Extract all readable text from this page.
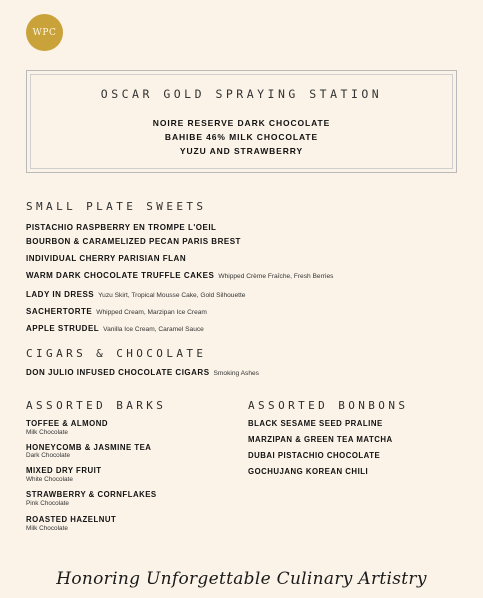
WPC
OSCAR GOLD SPRAYING STATION
NOIRE RESERVE DARK CHOCOLATE
BAHIBE 46% MILK CHOCOLATE
YUZU AND STRAWBERRY
SMALL PLATE SWEETS
PISTACHIO RASPBERRY EN TROMPE L'OEIL
BOURBON & CARAMELIZED PECAN PARIS BREST
INDIVIDUAL CHERRY PARISIAN FLAN
WARM DARK CHOCOLATE TRUFFLE CAKES Whipped Crème Fraîche, Fresh Berries
LADY IN DRESS Yuzu Skirt, Tropical Mousse Cake, Gold Silhouette
SACHERTORTE Whipped Cream, Marzipan Ice Cream
APPLE STRUDEL Vanilla Ice Cream, Caramel Sauce
CIGARS & CHOCOLATE
DON JULIO INFUSED CHOCOLATE CIGARS Smoking Ashes
ASSORTED BARKS
TOFFEE & ALMOND
Milk Chocolate
HONEYCOMB & JASMINE TEA
Dark Chocolate
MIXED DRY FRUIT
White Chocolate
STRAWBERRY & CORNFLAKES
Pink Chocolate
ROASTED HAZELNUT
Milk Chocolate
ASSORTED BONBONS
BLACK SESAME SEED PRALINE
MARZIPAN & GREEN TEA MATCHA
DUBAI PISTACHIO CHOCOLATE
GOCHUJANG KOREAN CHILI
Honoring Unforgettable Culinary Artistry
